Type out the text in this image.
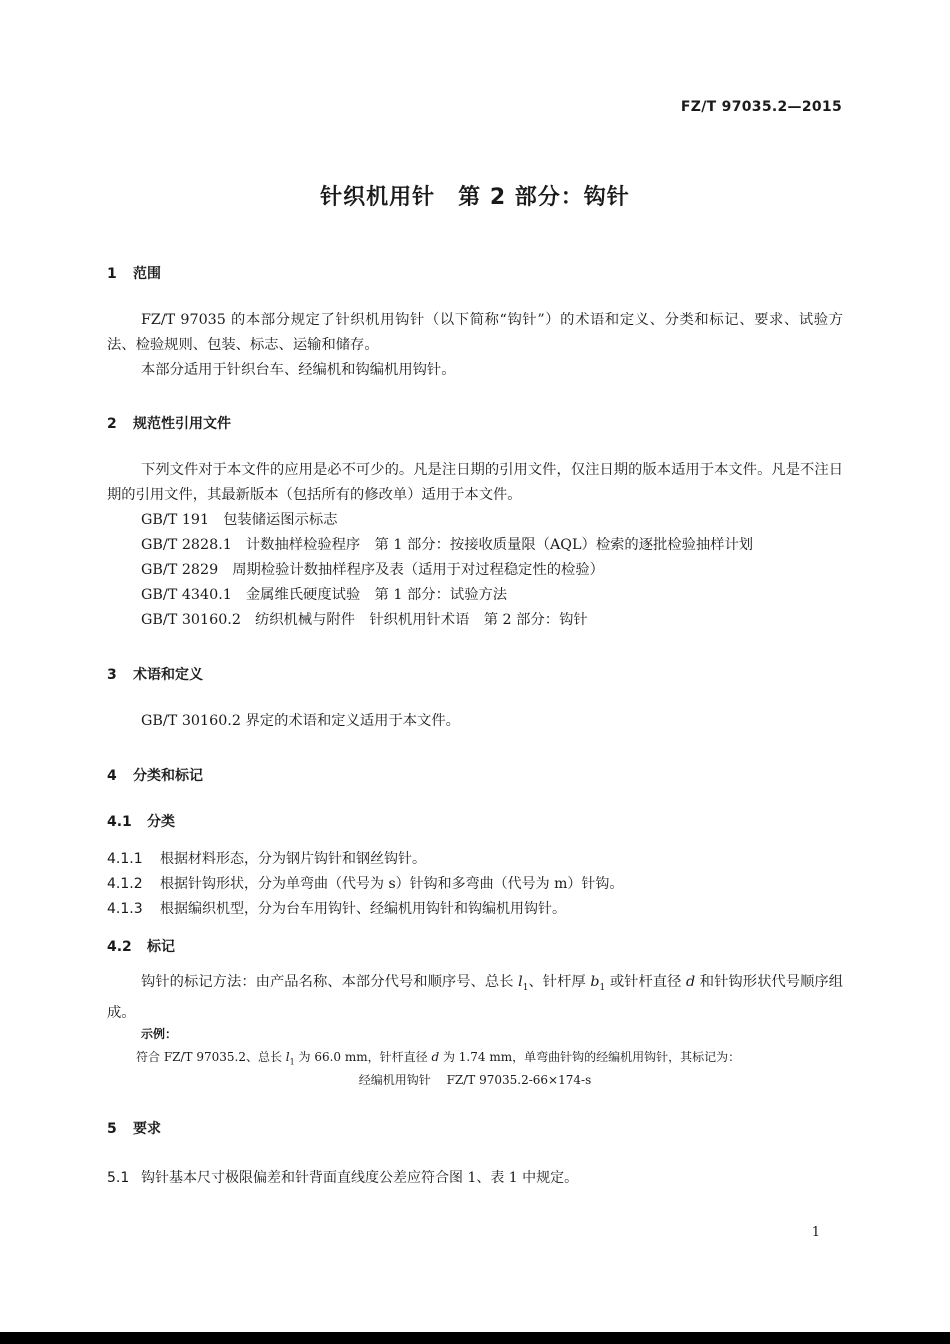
FZ/T 97035.2—2015
针织机用针　第 2 部分：钩针
1 范围
FZ/T 97035 的本部分规定了针织机用钩针（以下简称“钩针”）的术语和定义、分类和标记、要求、试验方法、检验规则、包装、标志、运输和储存。
本部分适用于针织台车、经编机和钩编机用钩针。
2 规范性引用文件
下列文件对于本文件的应用是必不可少的。凡是注日期的引用文件，仅注日期的版本适用于本文件。凡是不注日期的引用文件，其最新版本（包括所有的修改单）适用于本文件。
GB/T 191 包装储运图示标志
GB/T 2828.1 计数抽样检验程序　第 1 部分：按接收质量限（AQL）检索的逐批检验抽样计划
GB/T 2829 周期检验计数抽样程序及表（适用于对过程稳定性的检验）
GB/T 4340.1 金属维氏硬度试验　第 1 部分：试验方法
GB/T 30160.2 纺织机械与附件　针织机用针术语　第 2 部分：钩针
3 术语和定义
GB/T 30160.2 界定的术语和定义适用于本文件。
4 分类和标记
4.1 分类
4.1.1 根据材料形态，分为钢片钩针和钢丝钩针。
4.1.2 根据针钩形状，分为单弯曲（代号为 s）针钩和多弯曲（代号为 m）针钩。
4.1.3 根据编织机型，分为台车用钩针、经编机用钩针和钩编机用钩针。
4.2 标记
钩针的标记方法：由产品名称、本部分代号和顺序号、总长 $l_1$、针杆厚 $b_1$ 或针杆直径 d 和针钩形状代号顺序组成。
示例：
符合 FZ/T 97035.2、总长 $l_1$ 为 66.0 mm，针杆直径 d 为 1.74 mm，单弯曲针钩的经编机用钩针，其标记为：
经编机用钩针　 FZ/T 97035.2-66×174-s
5 要求
5.1 钩针基本尺寸极限偏差和针背面直线度公差应符合图 1、表 1 中规定。
1
